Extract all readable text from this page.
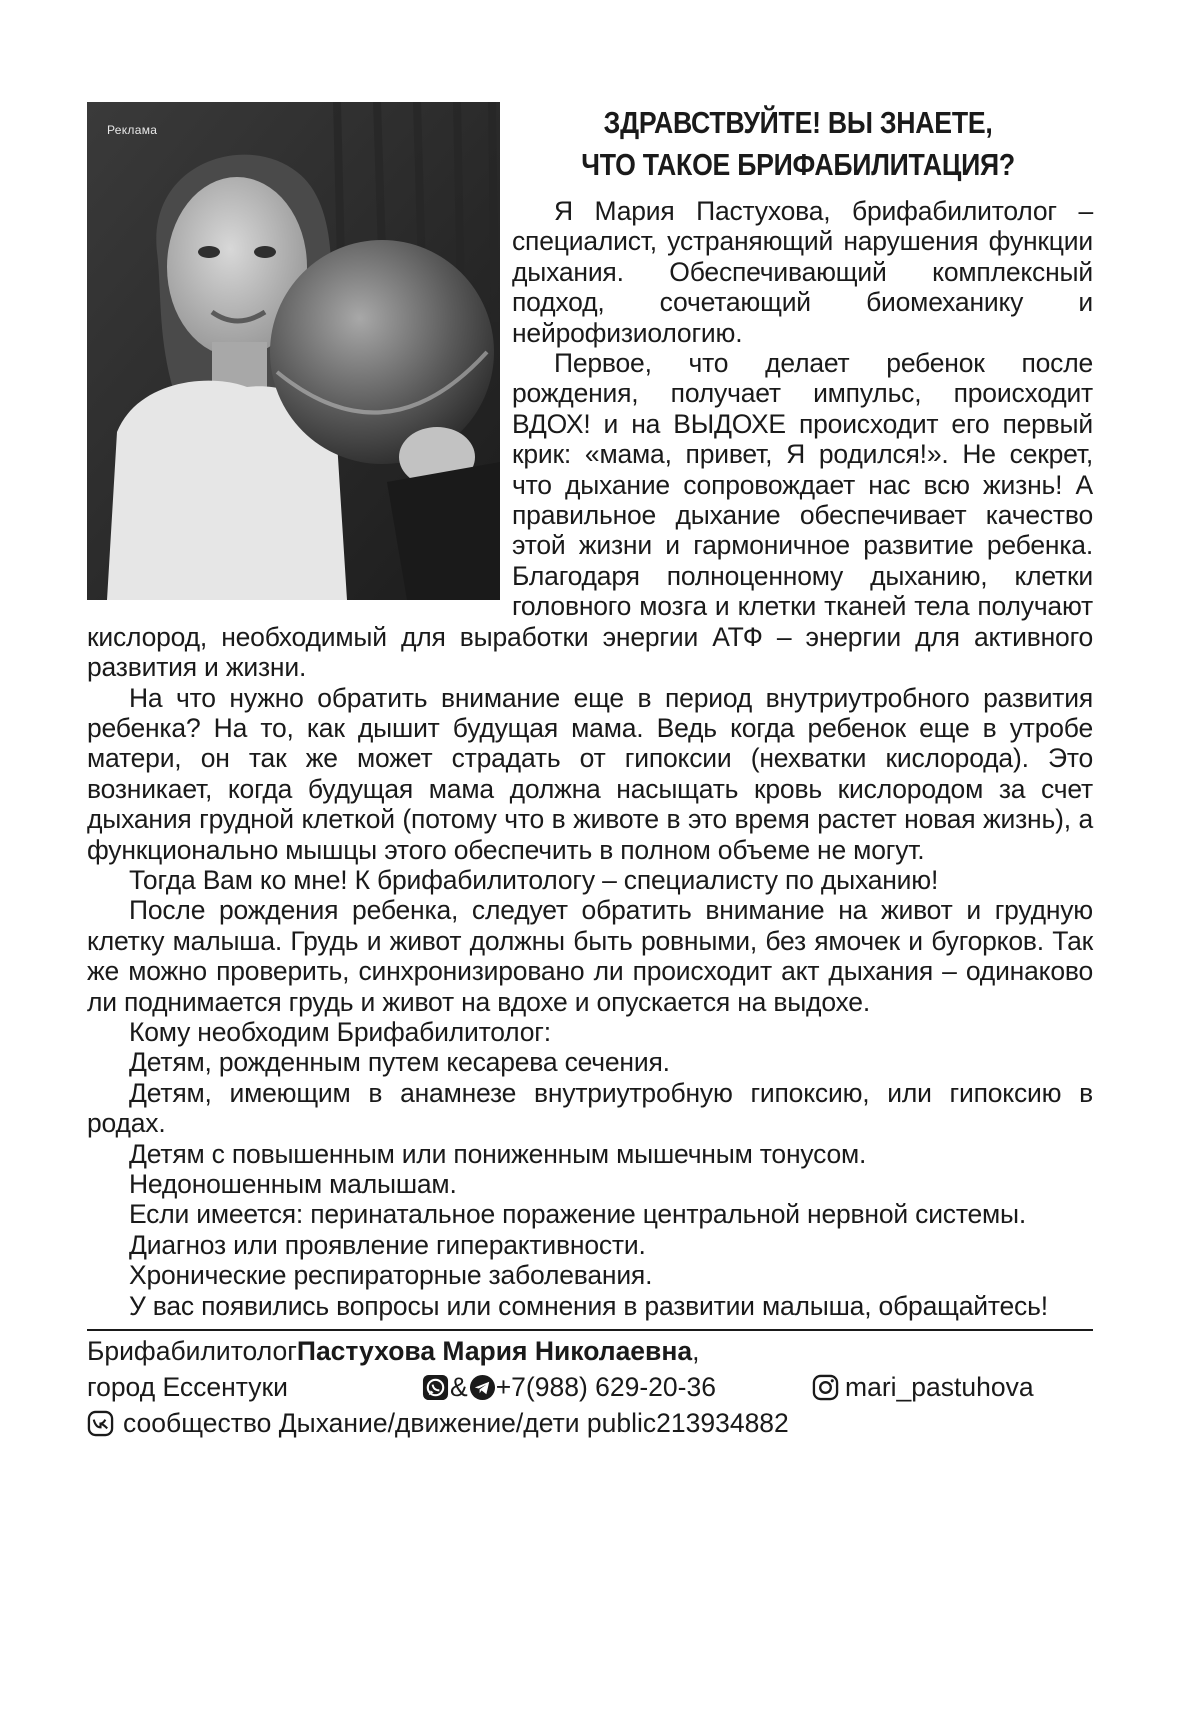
Реклама	ЗДРАВСТВУЙТЕ! ВЫ ЗНАЕТЕ,
ЧТО ТАКОЕ БРИФАБИЛИТАЦИЯ?

Я Мария Пастухова, брифабилитолог – специалист, устраняющий нарушения функции дыхания. Обеспечивающий комплексный подход, сочетающий биомеханику и нейрофизиологию.

Первое, что делает ребенок после рождения, получает импульс, происходит ВДОХ! и на ВЫДОХЕ происходит его первый крик: «мама, привет, Я родился!». Не секрет, что дыхание сопровождает нас всю жизнь! А правильное дыхание обеспечивает качество этой жизни и гармоничное развитие ребенка. Благодаря полноценному дыханию, клетки головного мозга и клетки тканей тела получают кислород, необходимый для выработки энергии АТФ – энергии для активного развития и жизни.

На что нужно обратить внимание еще в период внутриутробного развития ребенка? На то, как дышит будущая мама. Ведь когда ребенок еще в утробе матери, он так же может страдать от гипоксии (нехватки кислорода). Это возникает, когда будущая мама должна насыщать кровь кислородом за счет дыхания грудной клеткой (потому что в животе в это время растет новая жизнь), а функционально мышцы этого обеспечить в полном объеме не могут.

Тогда Вам ко мне! К брифабилитологу – специалисту по дыханию!

После рождения ребенка, следует обратить внимание на живот и грудную клетку малыша. Грудь и живот должны быть ровными, без ямочек и бугорков. Так же можно проверить, синхронизировано ли происходит акт дыхания – одинаково ли поднимается грудь и живот на вдохе и опускается на выдохе.

Кому необходим Брифабилитолог:

Детям, рожденным путем кесарева сечения.

Детям, имеющим в анамнезе внутриутробную гипоксию, или гипоксию в родах.

Детям с повышенным или пониженным мышечным тонусом.

Недоношенным малышам.

Если имеется: перинатальное поражение центральной нервной системы.

Диагноз или проявление гиперактивности.

Хронические респираторные заболевания.

У вас появились вопросы или сомнения в развитии малыша, обращайтесь!

Брифабилитолог Пастухова Мария Николаевна ,
город Ессентуки	& +7(988) 629-20-36	mari_pastuhova
сообщество Дыхание/движение/дети public213934882
